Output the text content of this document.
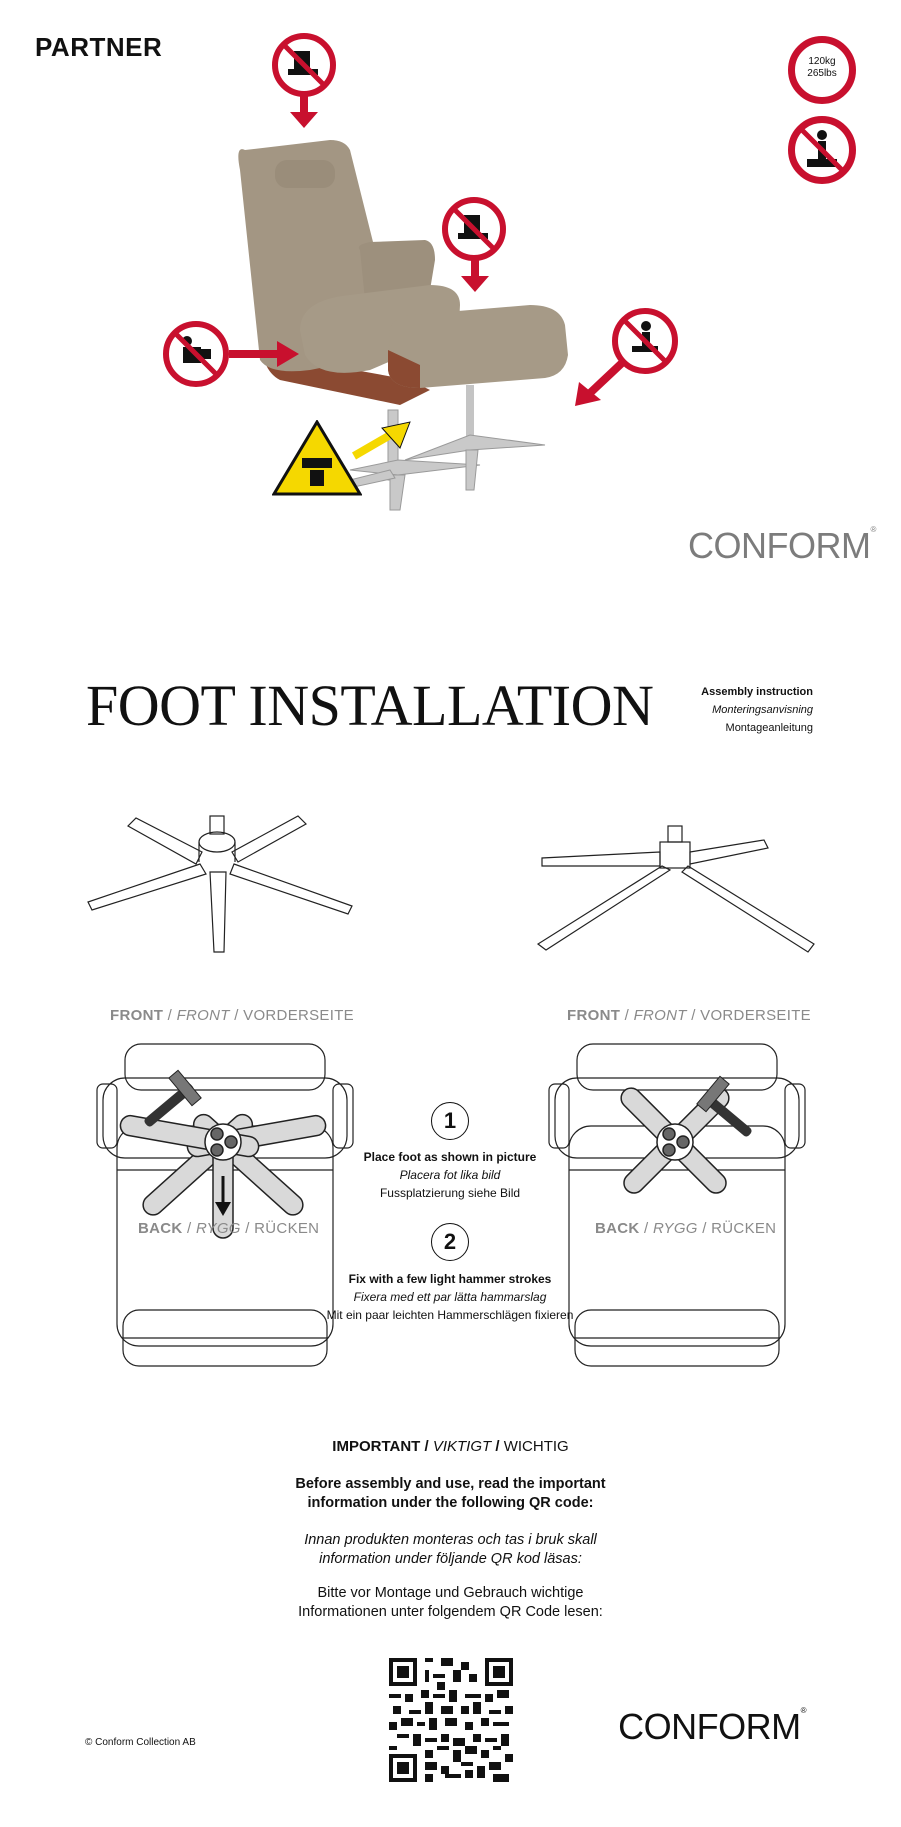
PARTNER	120kg
265lbs
CONFORM®
FOOT INSTALLATION	Assembly instruction
Monteringsanvisning
Montageanleitung
FRONT / FRONT / VORDERSEITE	FRONT / FRONT / VORDERSEITE
BACK / RYGG / RÜCKEN	BACK / RYGG / RÜCKEN
1
Place foot as shown in picture
Placera fot lika bild
Fussplatzierung siehe Bild
2
Fix with a few light hammer strokes
Fixera med ett par lätta hammarslag
Mit ein paar leichten Hammerschlägen fixieren
IMPORTANT / VIKTIGT / WICHTIG
Before assembly and use, read the important
information under the following QR code:
Innan produkten monteras och tas i bruk skall
information under följande QR kod läsas:
Bitte vor Montage und Gebrauch wichtige
Informationen unter folgendem QR Code lesen:
© Conform Collection AB	CONFORM®
